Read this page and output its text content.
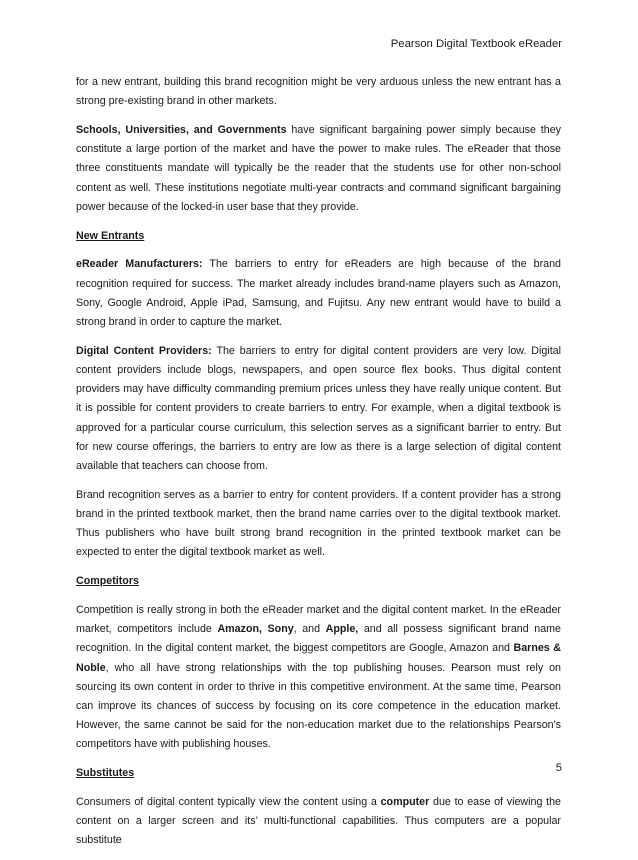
Pearson Digital Textbook eReader

for a new entrant, building this brand recognition might be very arduous unless the new entrant has a strong pre-existing brand in other markets.

Schools, Universities, and Governments have significant bargaining power simply because they constitute a large portion of the market and have the power to make rules. The eReader that those three constituents mandate will typically be the reader that the students use for other non-school content as well. These institutions negotiate multi-year contracts and command significant bargaining power because of the locked-in user base that they provide.

New Entrants

eReader Manufacturers: The barriers to entry for eReaders are high because of the brand recognition required for success. The market already includes brand-name players such as Amazon, Sony, Google Android, Apple iPad, Samsung, and Fujitsu. Any new entrant would have to build a strong brand in order to capture the market.

Digital Content Providers: The barriers to entry for digital content providers are very low. Digital content providers include blogs, newspapers, and open source flex books. Thus digital content providers may have difficulty commanding premium prices unless they have really unique content. But it is possible for content providers to create barriers to entry. For example, when a digital textbook is approved for a particular course curriculum, this selection serves as a significant barrier to entry. But for new course offerings, the barriers to entry are low as there is a large selection of digital content available that teachers can choose from.

Brand recognition serves as a barrier to entry for content providers. If a content provider has a strong brand in the printed textbook market, then the brand name carries over to the digital textbook market. Thus publishers who have built strong brand recognition in the printed textbook market can be expected to enter the digital textbook market as well.

Competitors

Competition is really strong in both the eReader market and the digital content market. In the eReader market, competitors include Amazon, Sony, and Apple, and all possess significant brand name recognition. In the digital content market, the biggest competitors are Google, Amazon and Barnes & Noble, who all have strong relationships with the top publishing houses. Pearson must rely on sourcing its own content in order to thrive in this competitive environment. At the same time, Pearson can improve its chances of success by focusing on its core competence in the education market. However, the same cannot be said for the non-education market due to the relationships Pearson's competitors have with publishing houses.

Substitutes

Consumers of digital content typically view the content using a computer due to ease of viewing the content on a larger screen and its’ multi-functional capabilities. Thus computers are a popular substitute

5
